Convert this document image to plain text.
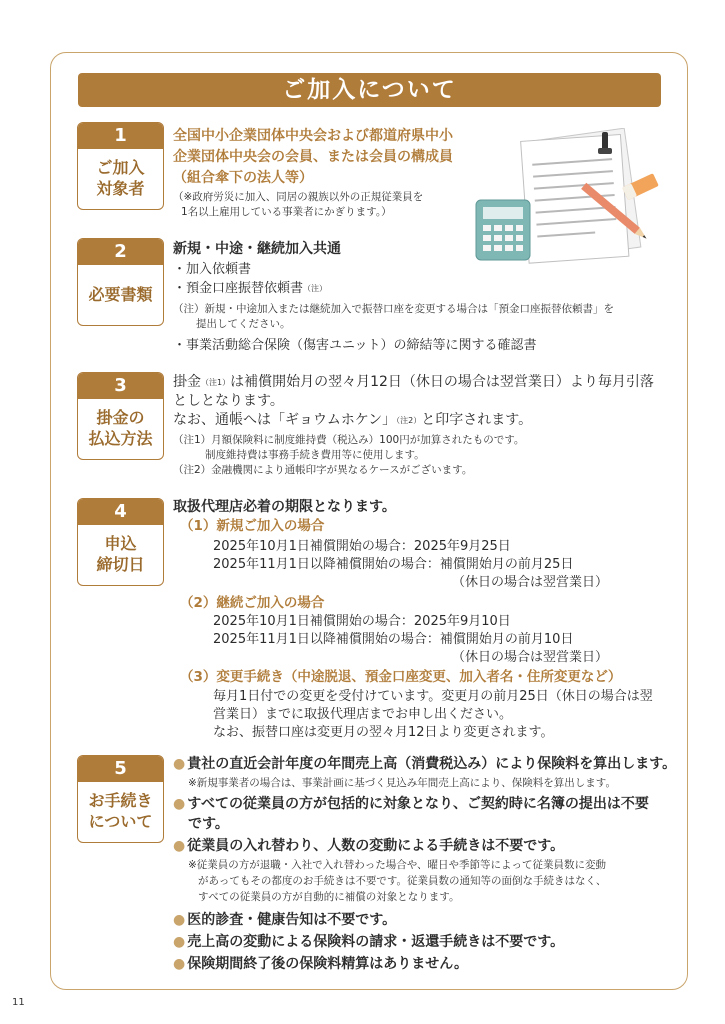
ご加入について
1
ご加入
対象者
全国中小企業団体中央会および都道府県中小
企業団体中央会の会員、または会員の構成員
（組合傘下の法人等）
（※政府労災に加入、同居の親族以外の正規従業員を
1名以上雇用している事業者にかぎります。）
2
必要書類
新規・中途・継続加入共通
・加入依頼書
・預金口座振替依頼書$^{(注)}$
（注）新規・中途加入または継続加入で振替口座を変更する場合は「預金口座振替依頼書」を
提出してください。
・事業活動総合保険（傷害ユニット）の締結等に関する確認書
3
掛金の
払込方法
掛金$^{(注1)}$は補償開始月の翌々月12日（休日の場合は翌営業日）より毎月引落
としとなります。
なお、通帳へは「ギョウムホケン」$^{(注2)}$と印字されます。
（注1）月額保険料に制度維持費（税込み）100円が加算されたものです。
制度維持費は事務手続き費用等に使用します。
（注2）金融機関により通帳印字が異なるケースがございます。
4
申込
締切日
取扱代理店必着の期限となります。
（1）新規ご加入の場合
2025年10月1日補償開始の場合：2025年9月25日
2025年11月1日以降補償開始の場合：補償開始月の前月25日
（休日の場合は翌営業日）
（2）継続ご加入の場合
2025年10月1日補償開始の場合：2025年9月10日
2025年11月1日以降補償開始の場合：補償開始月の前月10日
（休日の場合は翌営業日）
（3）変更手続き（中途脱退、預金口座変更、加入者名・住所変更など）
毎月1日付での変更を受付けています。変更月の前月25日（休日の場合は翌
営業日）までに取扱代理店までお申し出ください。
なお、振替口座は変更月の翌々月12日より変更されます。
5
お手続き
について
● 貴社の直近会計年度の年間売上高（消費税込み）により保険料を算出します。
※新規事業者の場合は、事業計画に基づく見込み年間売上高により、保険料を算出します。
● すべての従業員の方が包括的に対象となり、ご契約時に名簿の提出は不要
です。
● 従業員の入れ替わり、人数の変動による手続きは不要です。
※従業員の方が退職・入社で入れ替わった場合や、曜日や季節等によって従業員数に変動
があってもその都度のお手続きは不要です。従業員数の通知等の面倒な手続きはなく、
すべての従業員の方が自動的に補償の対象となります。
● 医的診査・健康告知は不要です。
● 売上高の変動による保険料の請求・返還手続きは不要です。
● 保険期間終了後の保険料精算はありません。
11
